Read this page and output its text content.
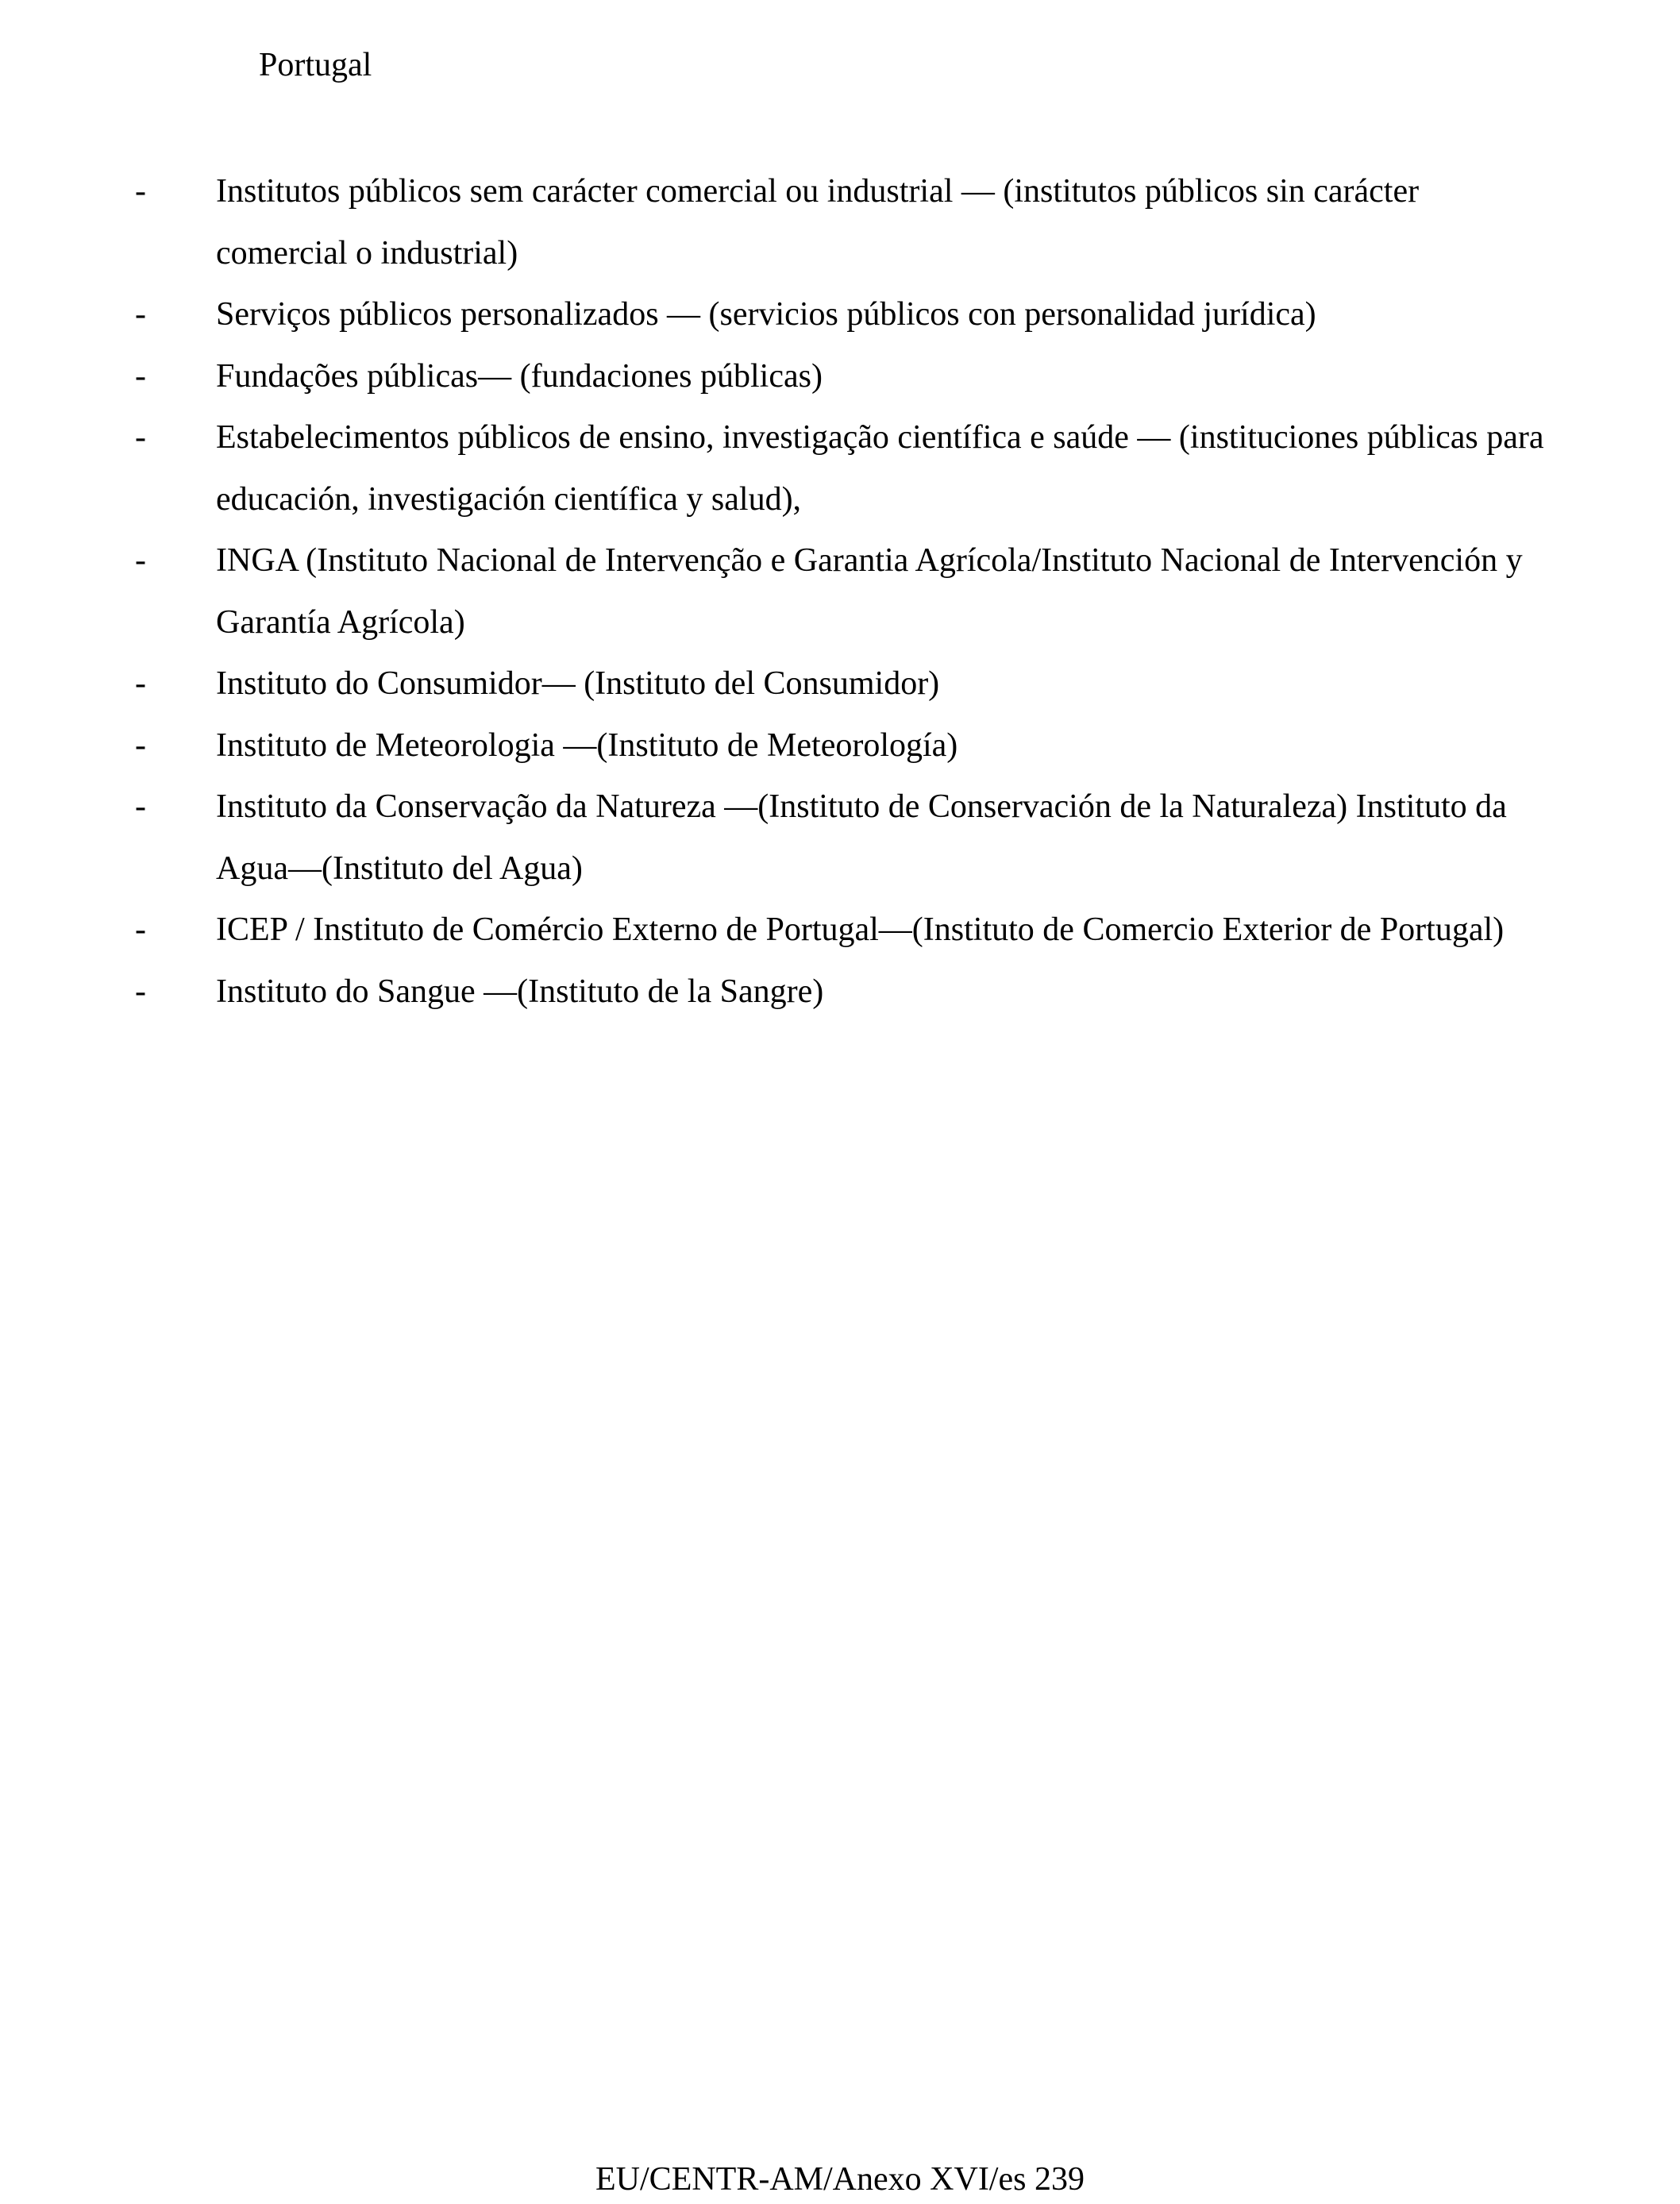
Portugal
-	Institutos públicos sem carácter comercial ou industrial — (institutos públicos sin carácter comercial o industrial)
-	Serviços públicos personalizados — (servicios públicos con personalidad jurídica)
-	Fundações públicas— (fundaciones públicas)
-	Estabelecimentos públicos de ensino, investigação científica e saúde — (instituciones públicas para educación, investigación científica y salud),
-	INGA (Instituto Nacional de Intervenção e Garantia Agrícola/Instituto Nacional de Intervención y Garantía Agrícola)
-	Instituto do Consumidor— (Instituto del Consumidor)
-	Instituto de Meteorologia —(Instituto de Meteorología)
-	Instituto da Conservação da Natureza —(Instituto de Conservación de la Naturaleza) Instituto da Agua—(Instituto del Agua)
-	ICEP / Instituto de Comércio Externo de Portugal—(Instituto de Comercio Exterior de Portugal)
-	Instituto do Sangue —(Instituto de la Sangre)
EU/CENTR-AM/Anexo XVI/es 239
